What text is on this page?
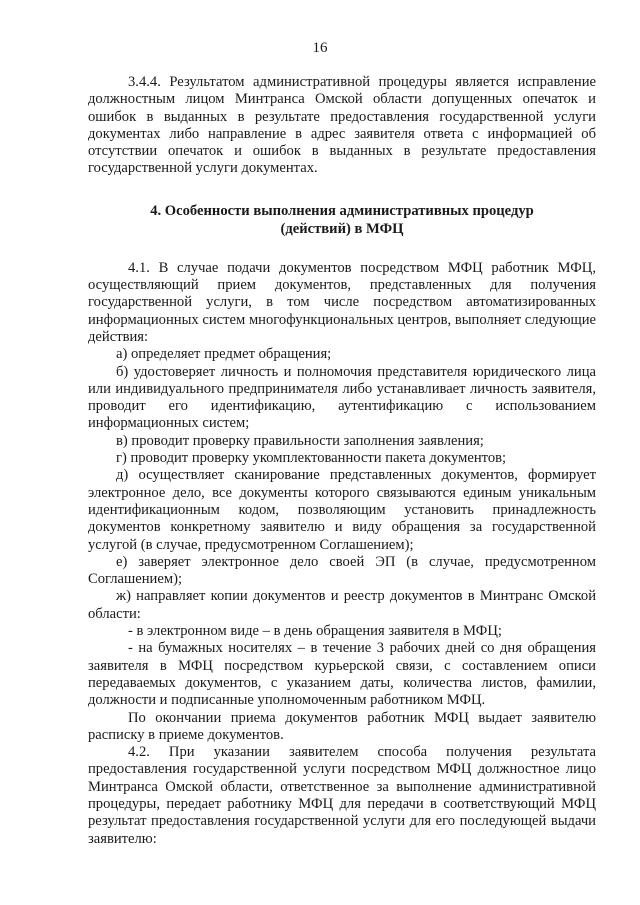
16

3.4.4. Результатом административной процедуры является исправление должностным лицом Минтранса Омской области допущенных опечаток и ошибок в выданных в результате предоставления государственной услуги документах либо направление в адрес заявителя ответа с информацией об отсутствии опечаток и ошибок в выданных в результате предоставления государственной услуги документах.

4. Особенности выполнения административных процедур
(действий) в МФЦ

4.1. В случае подачи документов посредством МФЦ работник МФЦ, осуществляющий прием документов, представленных для получения государственной услуги, в том числе посредством автоматизированных информационных систем многофункциональных центров, выполняет следующие действия:

а) определяет предмет обращения;

б) удостоверяет личность и полномочия представителя юридического лица или индивидуального предпринимателя либо устанавливает личность заявителя, проводит его идентификацию, аутентификацию с использованием информационных систем;

в) проводит проверку правильности заполнения заявления;

г) проводит проверку укомплектованности пакета документов;

д) осуществляет сканирование представленных документов, формирует электронное дело, все документы которого связываются единым уникальным идентификационным кодом, позволяющим установить принадлежность документов конкретному заявителю и виду обращения за государственной услугой (в случае, предусмотренном Соглашением);

е) заверяет электронное дело своей ЭП (в случае, предусмотренном Соглашением);

ж) направляет копии документов и реестр документов в Минтранс Омской области:

- в электронном виде – в день обращения заявителя в МФЦ;

- на бумажных носителях – в течение 3 рабочих дней со дня обращения заявителя в МФЦ посредством курьерской связи, с составлением описи передаваемых документов, с указанием даты, количества листов, фамилии, должности и подписанные уполномоченным работником МФЦ.

По окончании приема документов работник МФЦ выдает заявителю расписку в приеме документов.

4.2. При указании заявителем способа получения результата предоставления государственной услуги посредством МФЦ должностное лицо Минтранса Омской области, ответственное за выполнение административной процедуры, передает работнику МФЦ для передачи в соответствующий МФЦ результат предоставления государственной услуги для его последующей выдачи заявителю:
